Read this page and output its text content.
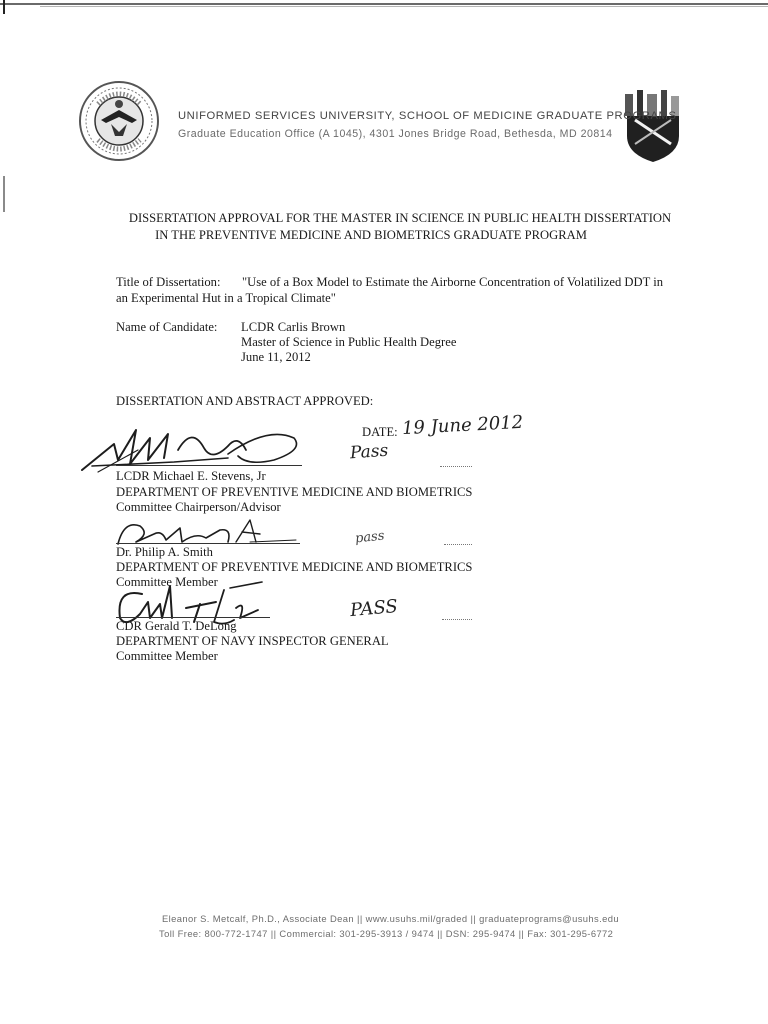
UNIFORMED SERVICES UNIVERSITY, SCHOOL OF MEDICINE GRADUATE PROGRAMS
Graduate Education Office (A 1045), 4301 Jones Bridge Road, Bethesda, MD 20814
DISSERTATION APPROVAL FOR THE MASTER IN SCIENCE IN PUBLIC HEALTH DISSERTATION
IN THE PREVENTIVE MEDICINE AND BIOMETRICS GRADUATE PROGRAM
Title of Dissertation: "Use of a Box Model to Estimate the Airborne Concentration of Volatilized DDT in
an Experimental Hut in a Tropical Climate"
Name of Candidate: LCDR Carlis Brown
Master of Science in Public Health Degree
June 11, 2012
DISSERTATION AND ABSTRACT APPROVED:
DATE: 19 June 2012
Pass
LCDR Michael E. Stevens, Jr
DEPARTMENT OF PREVENTIVE MEDICINE AND BIOMETRICS
Committee Chairperson/Advisor
pass
Dr. Philip A. Smith
DEPARTMENT OF PREVENTIVE MEDICINE AND BIOMETRICS
Committee Member
PASS
CDR Gerald T. DeLong
DEPARTMENT OF NAVY INSPECTOR GENERAL
Committee Member
Eleanor S. Metcalf, Ph.D., Associate Dean || www.usuhs.mil/graded || graduateprograms@usuhs.edu
Toll Free: 800-772-1747 || Commercial: 301-295-3913 / 9474 || DSN: 295-9474 || Fax: 301-295-6772
